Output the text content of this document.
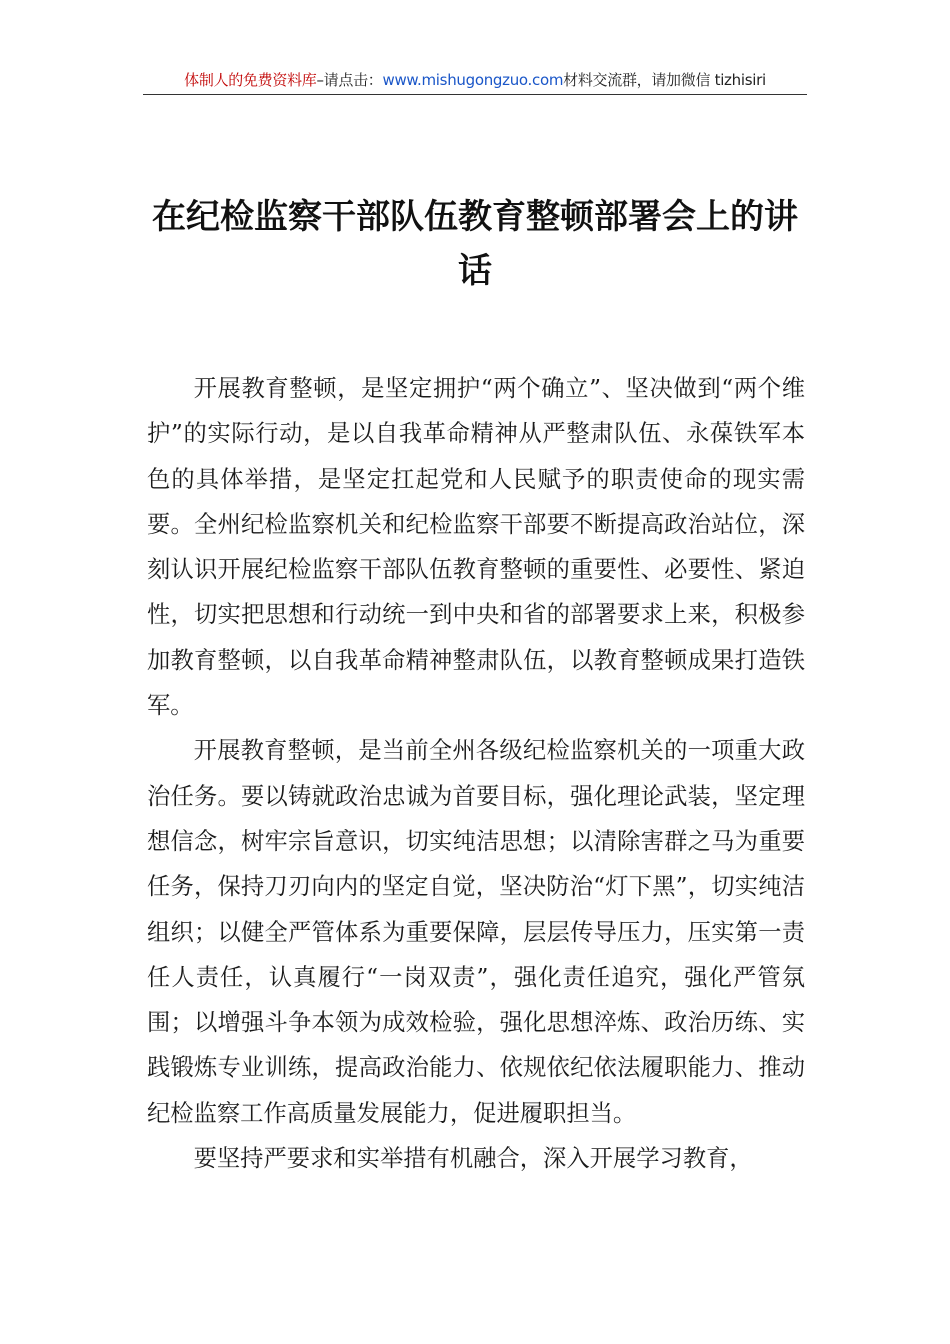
体制人的免费资料库–请点击：www.mishugongzuo.com材料交流群，请加微信 tizhisiri
在纪检监察干部队伍教育整顿部署会上的讲话

开展教育整顿，是坚定拥护“两个确立”、坚决做到“两个维护”的实际行动，是以自我革命精神从严整肃队伍、永葆铁军本色的具体举措，是坚定扛起党和人民赋予的职责使命的现实需要。全州纪检监察机关和纪检监察干部要不断提高政治站位，深刻认识开展纪检监察干部队伍教育整顿的重要性、必要性、紧迫性，切实把思想和行动统一到中央和省的部署要求上来，积极参加教育整顿，以自我革命精神整肃队伍，以教育整顿成果打造铁军。

开展教育整顿，是当前全州各级纪检监察机关的一项重大政治任务。要以铸就政治忠诚为首要目标，强化理论武装，坚定理想信念，树牢宗旨意识，切实纯洁思想；以清除害群之马为重要任务，保持刀刃向内的坚定自觉，坚决防治“灯下黑”，切实纯洁组织；以健全严管体系为重要保障，层层传导压力，压实第一责任人责任，认真履行“一岗双责”，强化责任追究，强化严管氛围；以增强斗争本领为成效检验，强化思想淬炼、政治历练、实践锻炼专业训练，提高政治能力、依规依纪依法履职能力、推动纪检监察工作高质量发展能力，促进履职担当。

要坚持严要求和实举措有机融合，深入开展学习教育，
